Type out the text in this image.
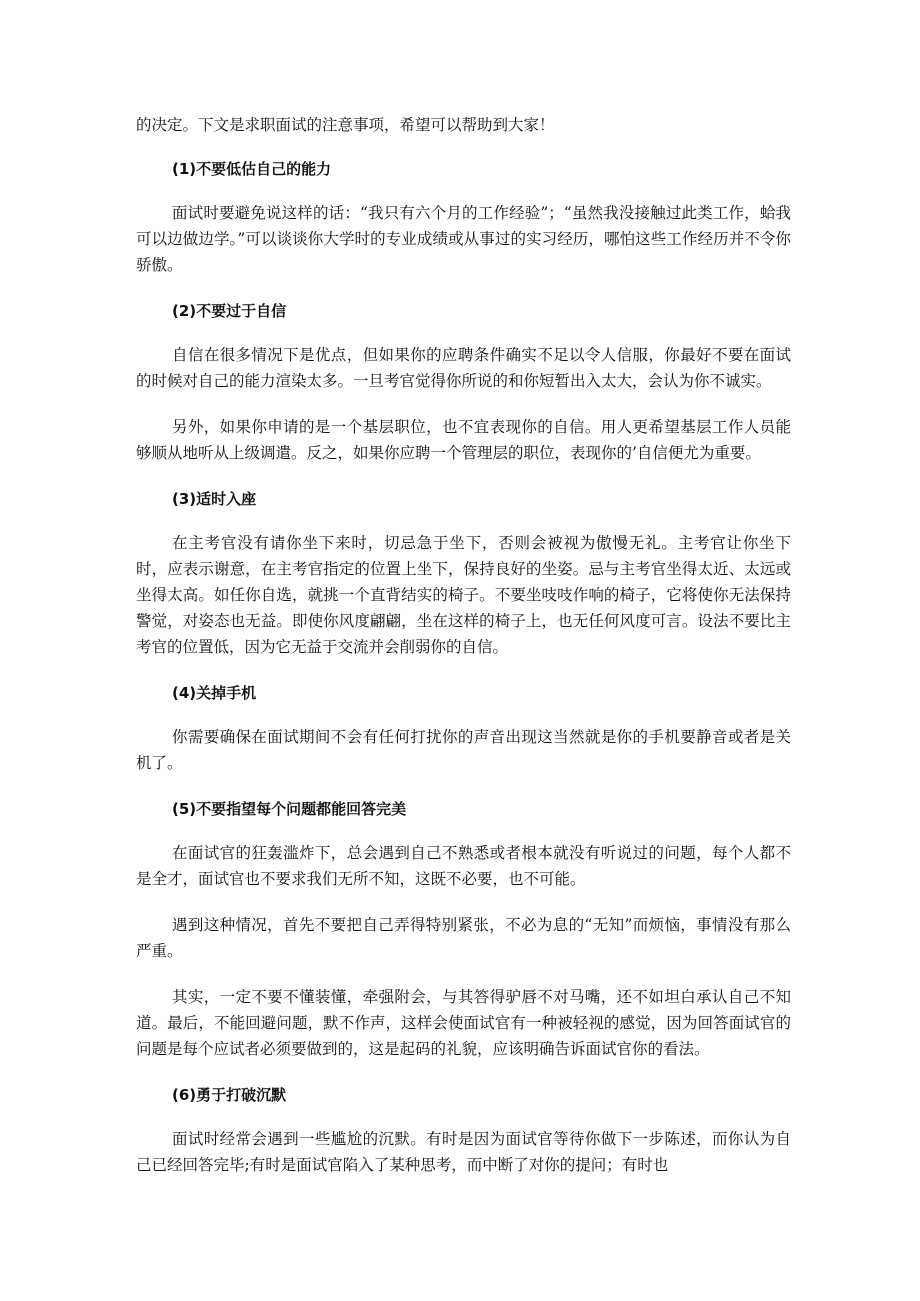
的决定。下文是求职面试的注意事项，希望可以帮助到大家！

(1)不要低估自己的能力

面试时要避免说这样的话：“我只有六个月的工作经验”；“虽然我没接触过此类工作，蛤我可以边做边学。”可以谈谈你大学时的专业成绩或从事过的实习经历，哪怕这些工作经历并不令你骄傲。

(2)不要过于自信

自信在很多情况下是优点，但如果你的应聘条件确实不足以令人信服，你最好不要在面试的时候对自己的能力渲染太多。一旦考官觉得你所说的和你短暂出入太大，会认为你不诚实。

另外，如果你申请的是一个基层职位，也不宜表现你的自信。用人更希望基层工作人员能够顺从地听从上级调遣。反之，如果你应聘一个管理层的职位，表现你的’自信便尤为重要。

(3)适时入座

在主考官没有请你坐下来时，切忌急于坐下，否则会被视为傲慢无礼。主考官让你坐下时，应表示谢意，在主考官指定的位置上坐下，保持良好的坐姿。忌与主考官坐得太近、太远或坐得太高。如任你自选，就挑一个直背结实的椅子。不要坐吱吱作响的椅子，它将使你无法保持警觉，对姿态也无益。即使你风度翩翩，坐在这样的椅子上，也无任何风度可言。设法不要比主考官的位置低，因为它无益于交流并会削弱你的自信。

(4)关掉手机

你需要确保在面试期间不会有任何打扰你的声音出现这当然就是你的手机要静音或者是关机了。

(5)不要指望每个问题都能回答完美

在面试官的狂轰滥炸下，总会遇到自己不熟悉或者根本就没有听说过的问题，每个人都不是全才，面试官也不要求我们无所不知，这既不必要，也不可能。

遇到这种情况，首先不要把自己弄得特别紧张，不必为息的“无知”而烦恼，事情没有那么严重。

其实，一定不要不懂装懂，牵强附会，与其答得驴唇不对马嘴，还不如坦白承认自己不知道。最后，不能回避问题，默不作声，这样会使面试官有一种被轻视的感觉，因为回答面试官的问题是每个应试者必须要做到的，这是起码的礼貌，应该明确告诉面试官你的看法。

(6)勇于打破沉默

面试时经常会遇到一些尴尬的沉默。有时是因为面试官等待你做下一步陈述，而你认为自己已经回答完毕;有时是面试官陷入了某种思考，而中断了对你的提问；有时也
